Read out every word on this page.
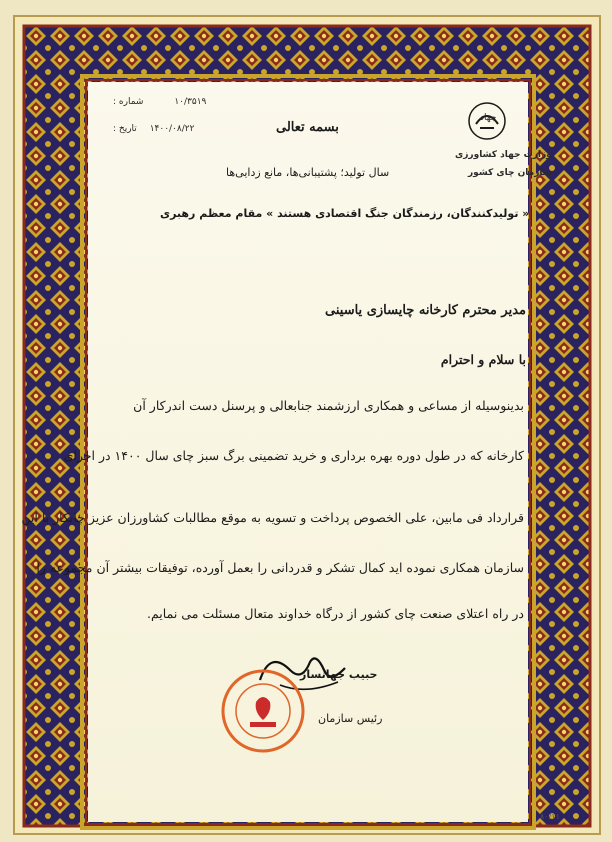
جهاد
وزارت جهاد کشاورزی
سازمان چای کشور
۱۰/۳۵۱۹ شماره :
۱۴۰۰/۰۸/۲۲ تاریخ :	بسمه تعالی
سال تولید؛ پشتیبانی‌ها، مانع زدایی‌ها
« تولید‌کنندگان، رزمندگان جنگ اقتصادی هستند » مقام معظم رهبری
مدیر محترم کارخانه چایسازی یاسینی
با سلام و احترام
بدینوسیله از مساعی و همکاری ارزشمند جنابعالی و پرسنل دست اندرکار آن
کارخانه که در طول دوره بهره برداری و خرید تضمینی برگ سبز چای سال ۱۴۰۰ در اجرای
قرارداد فی مابین، علی الخصوص پرداخت و تسویه به موقع مطالبات کشاورزان عزیز چایکار با این
سازمان همکاری نموده اید کمال تشکر و قدردانی را بعمل آورده، توفیقات بیشتر آن مجموعه را
در راه اعتلای صنعت چای کشور از درگاه خداوند متعال مسئلت می نمایم.
حبیب جهانساز
رئیس سازمان
۸۰/۱۱
